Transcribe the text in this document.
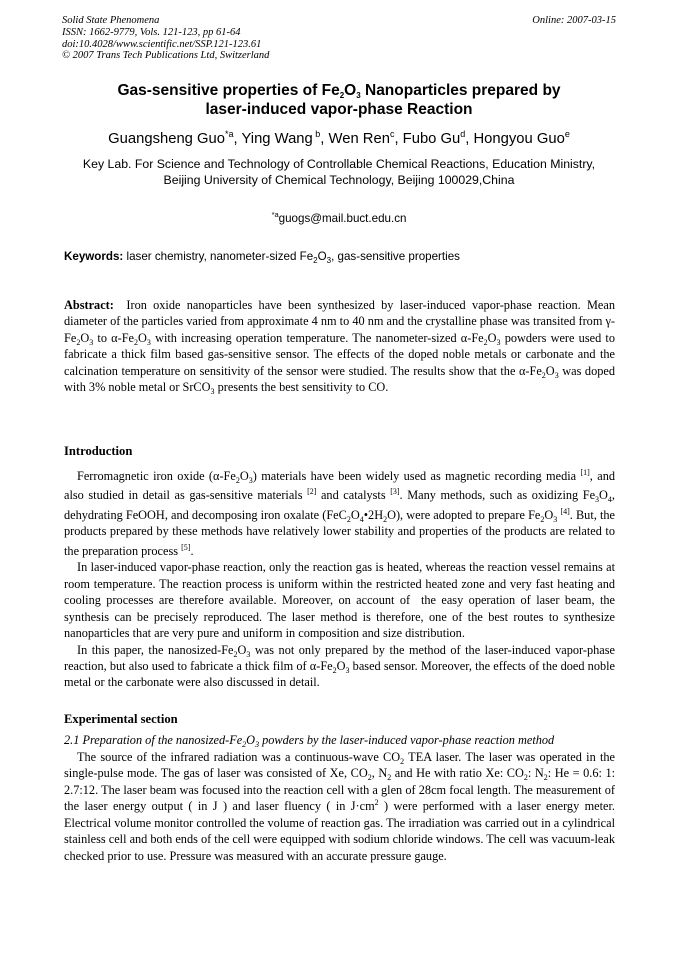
Solid State Phenomena
ISSN: 1662-9779, Vols. 121-123, pp 61-64
doi:10.4028/www.scientific.net/SSP.121-123.61
© 2007 Trans Tech Publications Ltd, Switzerland
Online: 2007-03-15
Gas-sensitive properties of $Fe_2O_3$ Nanoparticles prepared by
laser-induced vapor-phase Reaction
Guangsheng Guo$^{*a}$, Ying Wang $^b$, Wen Ren$^c$, Fubo Gu$^d$, Hongyou Guo$^e$
Key Lab. For Science and Technology of Controllable Chemical Reactions, Education Ministry,
Beijing University of Chemical Technology, Beijing 100029,China
$^{*a}$guogs@mail.buct.edu.cn
Keywords: laser chemistry, nanometer-sized $Fe_2O_3$, gas-sensitive properties
Abstract:  Iron oxide nanoparticles have been synthesized by laser-induced vapor-phase reaction. Mean diameter of the particles varied from approximate 4 nm to 40 nm and the crystalline phase was transited from $\gamma-Fe_2O_3$ to $\alpha-Fe_2O_3$ with increasing operation temperature. The nanometer-sized $\alpha-Fe_2O_3$ powders were used to fabricate a thick film based gas-sensitive sensor. The effects of the doped noble metals or carbonate and the calcination temperature on sensitivity of the sensor were studied. The results show that the $\alpha-Fe_2O_3$ was doped with 3% noble metal or SrCO$_3$ presents the best sensitivity to CO.
Introduction

Ferromagnetic iron oxide $(\alpha-Fe_2O_3)$ materials have been widely used as magnetic recording media [1], and also studied in detail as gas-sensitive materials [2] and catalysts [3]. Many methods, such as oxidizing $Fe_3O_4$, dehydrating FeOOH, and decomposing iron oxalate $(FeC_2O_4•2H_2O)$, were adopted to prepare $Fe_2O_3$ [4]. But, the products prepared by these methods have relatively lower stability and properties of the products are related to the preparation process [5].

In laser-induced vapor-phase reaction, only the reaction gas is heated, whereas the reaction vessel remains at room temperature. The reaction process is uniform within the restricted heated zone and very fast heating and cooling processes are therefore available. Moreover, on account of  the easy operation of laser beam, the synthesis can be precisely reproduced. The laser method is therefore, one of the best routes to synthesize nanoparticles that are very pure and uniform in composition and size distribution.

In this paper, the nanosized-$Fe_2O_3$ was not only prepared by the method of the laser-induced vapor-phase reaction, but also used to fabricate a thick film of $\alpha-Fe_2O_3$ based sensor. Moreover, the effects of the doed noble metal or the carbonate were also discussed in detail.

Experimental section
2.1 Preparation of the nanosized-$Fe_2O_3$ powders by the laser-induced vapor-phase reaction method

The source of the infrared radiation was a continuous-wave $CO_2$ TEA laser. The laser was operated in the single-pulse mode. The gas of laser was consisted of Xe, $CO_2$, $N_2$ and He with ratio Xe: $CO_2$: $N_2$: He = 0.6: 1: 2.7:12. The laser beam was focused into the reaction cell with a glen of 28cm focal length. The measurement of the laser energy output ( in J ) and laser fluency ( in $J\cdot cm^2$ ) were performed with a laser energy meter. Electrical volume monitor controlled the volume of reaction gas. The irradiation was carried out in a cylindrical stainless cell and both ends of the cell were equipped with sodium chloride windows. The cell was vacuum-leak checked prior to use. Pressure was measured with an accurate pressure gauge.
